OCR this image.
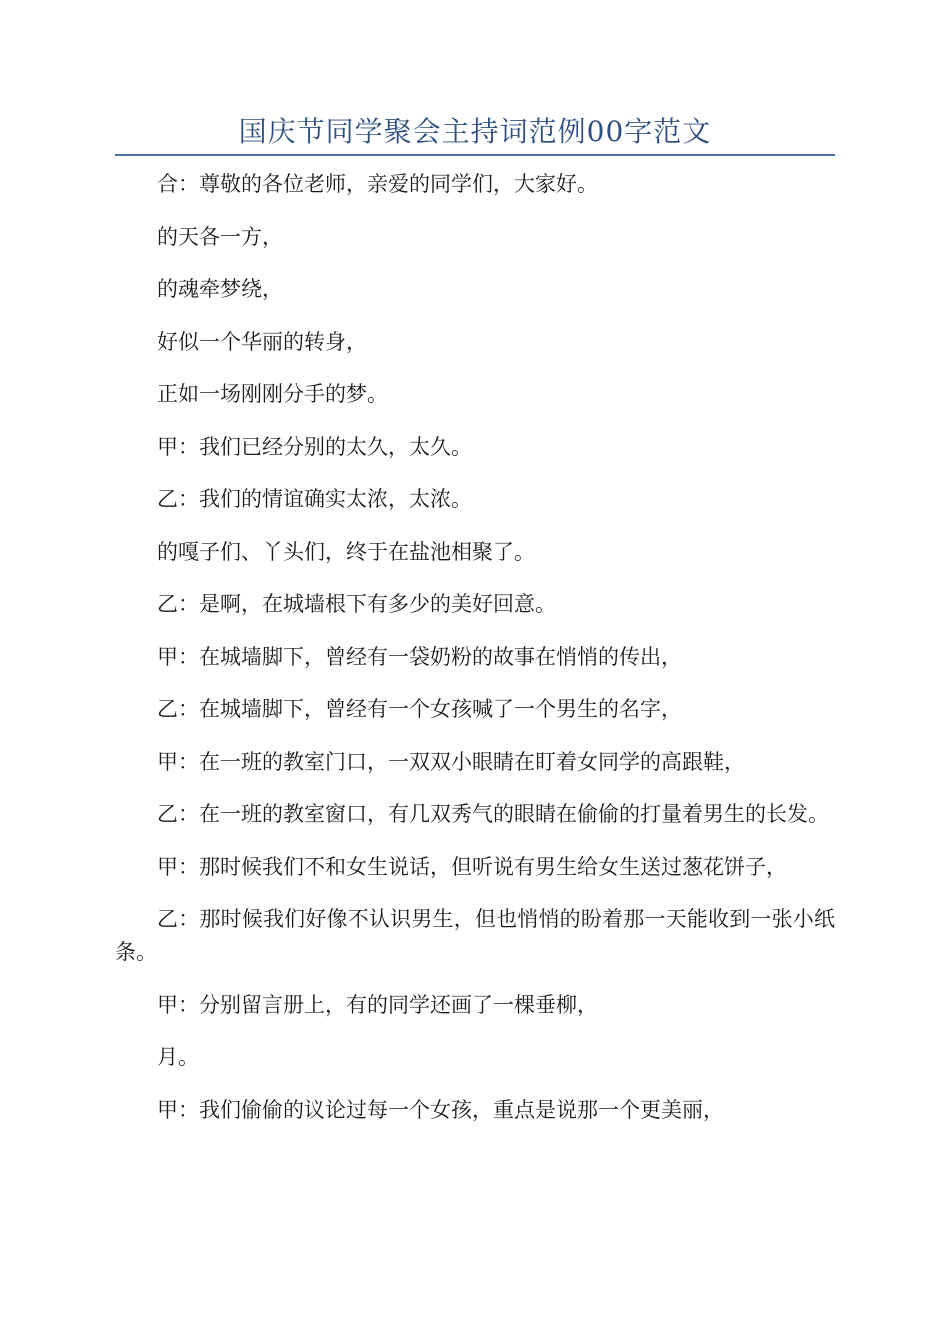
国庆节同学聚会主持词范例00字范文

合：尊敬的各位老师，亲爱的同学们，大家好。

的天各一方，

的魂牵梦绕，

好似一个华丽的转身，

正如一场刚刚分手的梦。

甲：我们已经分别的太久，太久。

乙：我们的情谊确实太浓，太浓。

的嘎子们、丫头们，终于在盐池相聚了。

乙：是啊，在城墙根下有多少的美好回意。

甲：在城墙脚下，曾经有一袋奶粉的故事在悄悄的传出，

乙：在城墙脚下，曾经有一个女孩喊了一个男生的名字，

甲：在一班的教室门口，一双双小眼睛在盯着女同学的高跟鞋，

乙：在一班的教室窗口，有几双秀气的眼睛在偷偷的打量着男生的长发。

甲：那时候我们不和女生说话，但听说有男生给女生送过葱花饼子，

乙：那时候我们好像不认识男生，但也悄悄的盼着那一天能收到一张小纸条。

甲：分别留言册上，有的同学还画了一棵垂柳，

月。

甲：我们偷偷的议论过每一个女孩，重点是说那一个更美丽，
